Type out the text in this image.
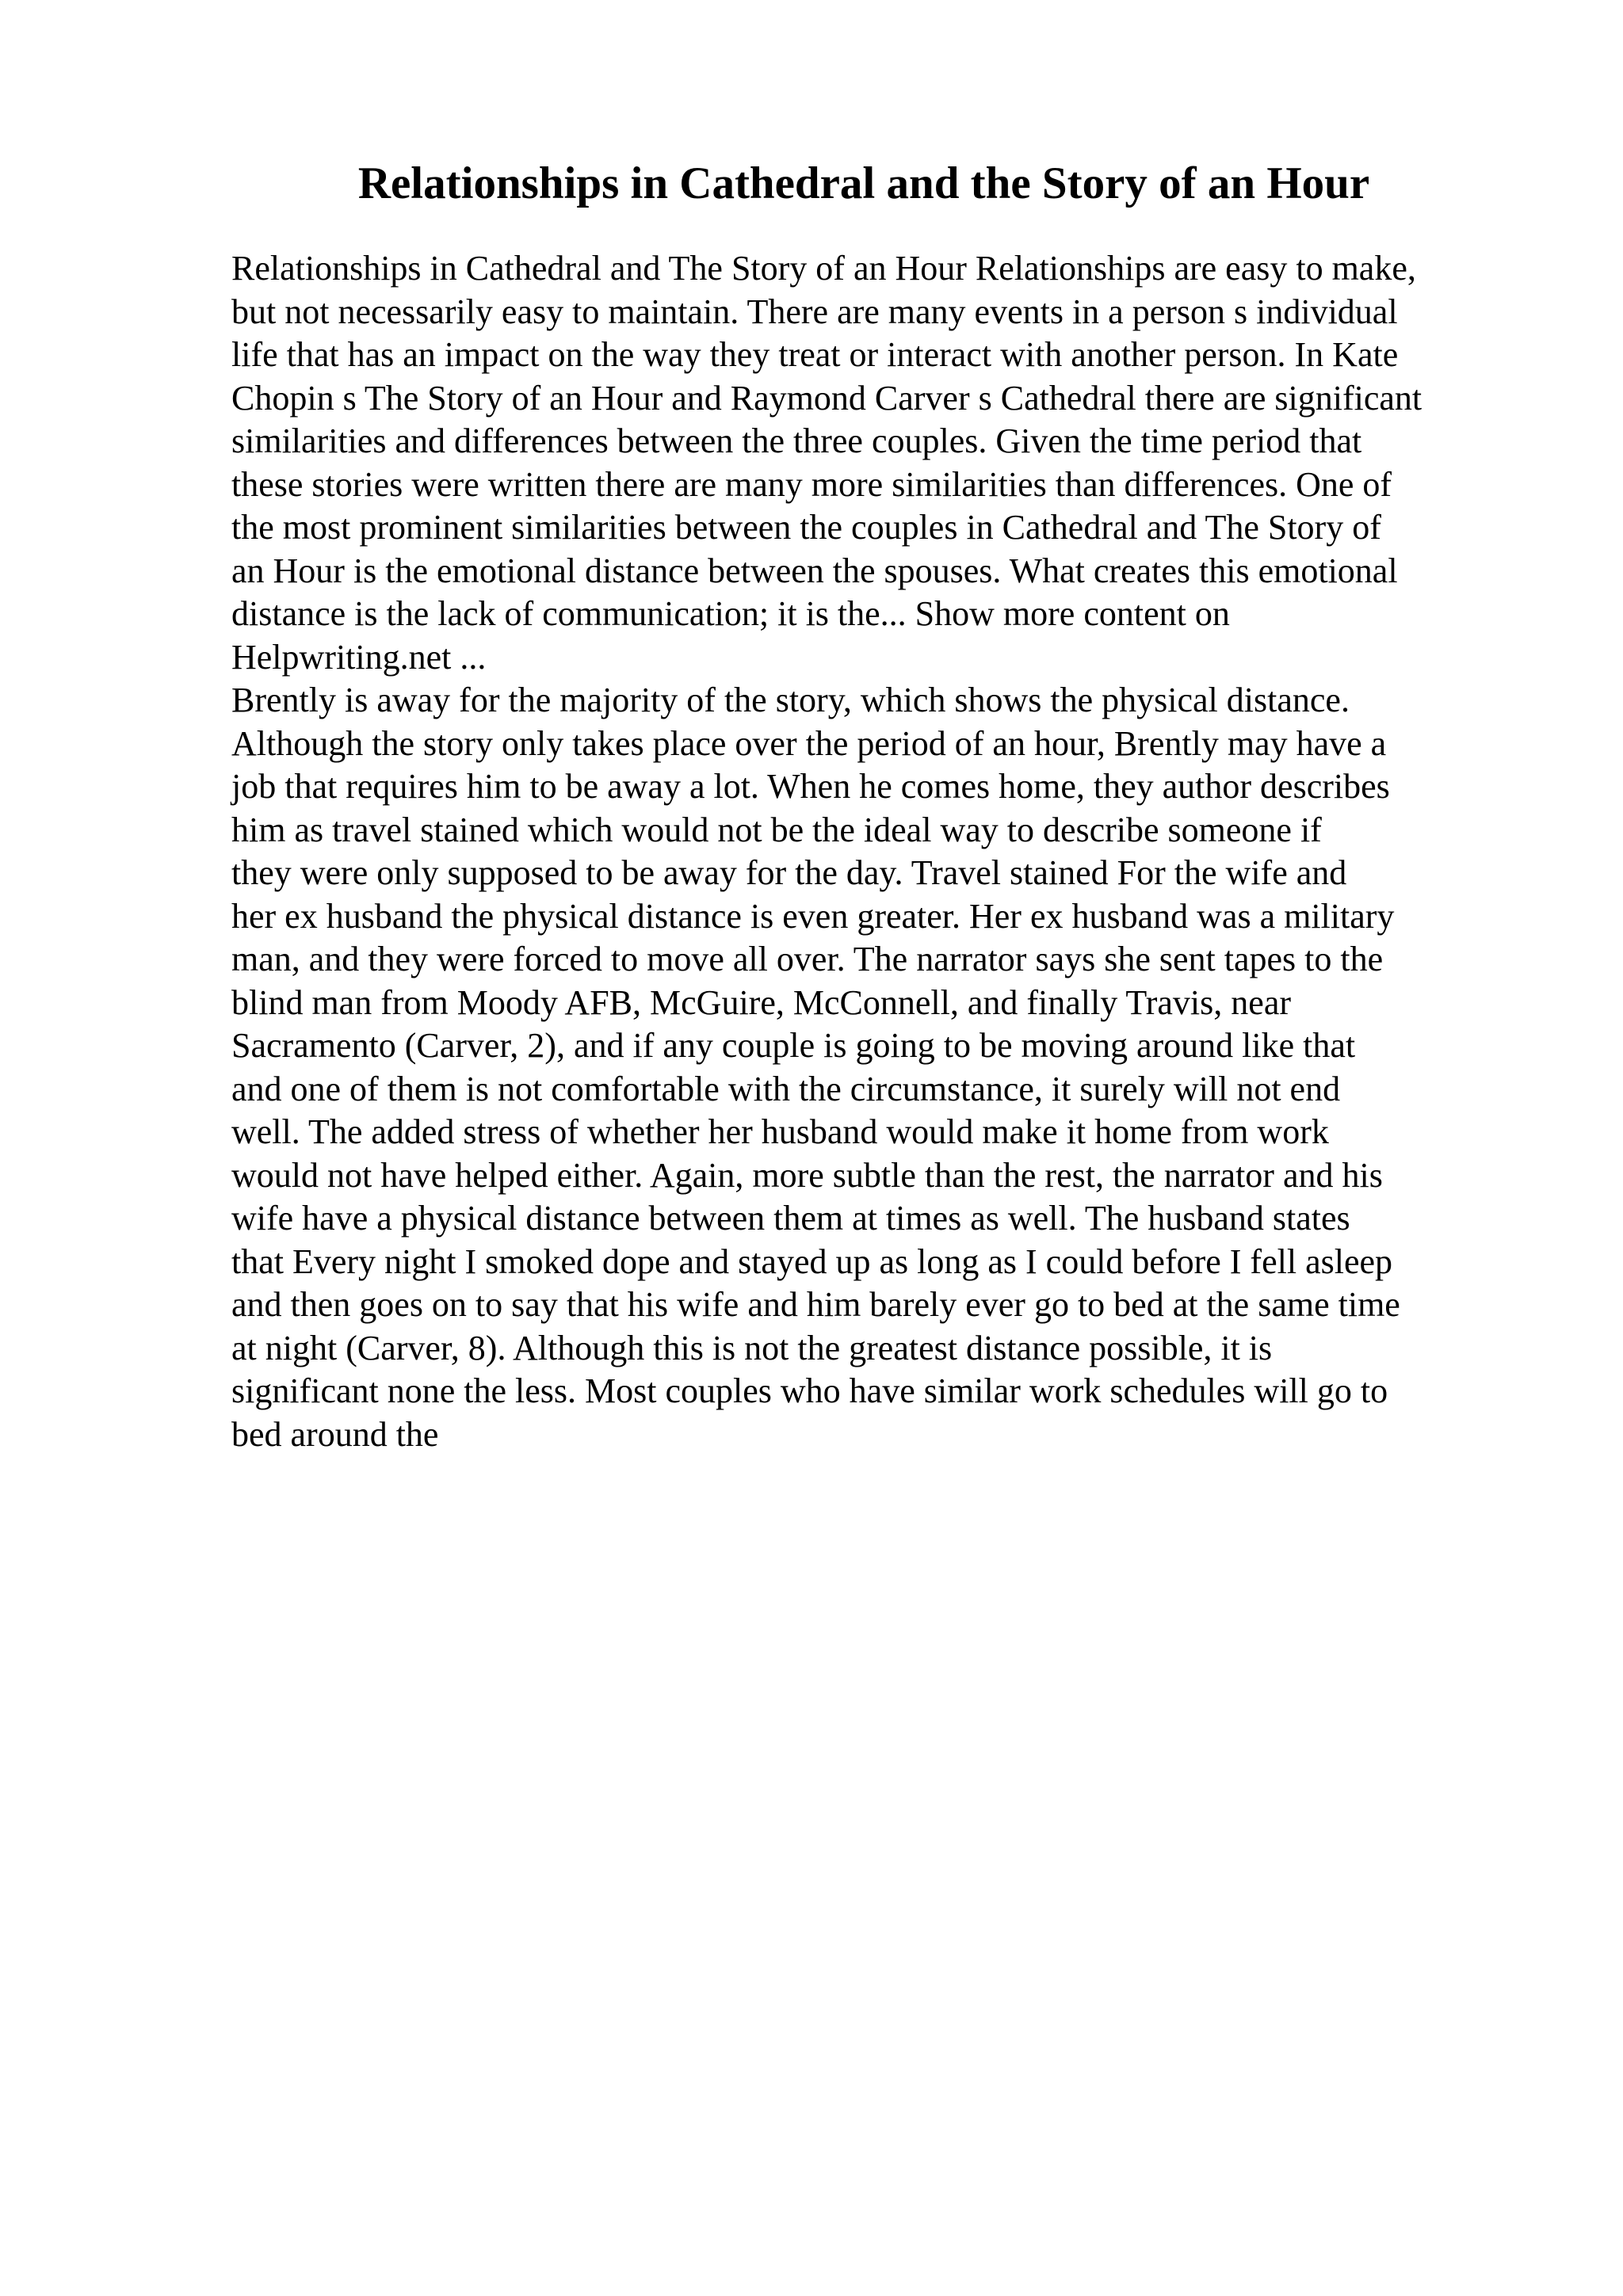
Relationships in Cathedral and the Story of an Hour
Relationships in Cathedral and The Story of an Hour Relationships are easy to make,
but not necessarily easy to maintain. There are many events in a person s individual
life that has an impact on the way they treat or interact with another person. In Kate
Chopin s The Story of an Hour and Raymond Carver s Cathedral there are significant
similarities and differences between the three couples. Given the time period that
these stories were written there are many more similarities than differences. One of
the most prominent similarities between the couples in Cathedral and The Story of
an Hour is the emotional distance between the spouses. What creates this emotional
distance is the lack of communication; it is the... Show more content on
Helpwriting.net ...
Brently is away for the majority of the story, which shows the physical distance.
Although the story only takes place over the period of an hour, Brently may have a
job that requires him to be away a lot. When he comes home, they author describes
him as travel stained which would not be the ideal way to describe someone if
they were only supposed to be away for the day. Travel stained For the wife and
her ex husband the physical distance is even greater. Her ex husband was a military
man, and they were forced to move all over. The narrator says she sent tapes to the
blind man from Moody AFB, McGuire, McConnell, and finally Travis, near
Sacramento (Carver, 2), and if any couple is going to be moving around like that
and one of them is not comfortable with the circumstance, it surely will not end
well. The added stress of whether her husband would make it home from work
would not have helped either. Again, more subtle than the rest, the narrator and his
wife have a physical distance between them at times as well. The husband states
that Every night I smoked dope and stayed up as long as I could before I fell asleep
and then goes on to say that his wife and him barely ever go to bed at the same time
at night (Carver, 8). Although this is not the greatest distance possible, it is
significant none the less. Most couples who have similar work schedules will go to
bed around the
